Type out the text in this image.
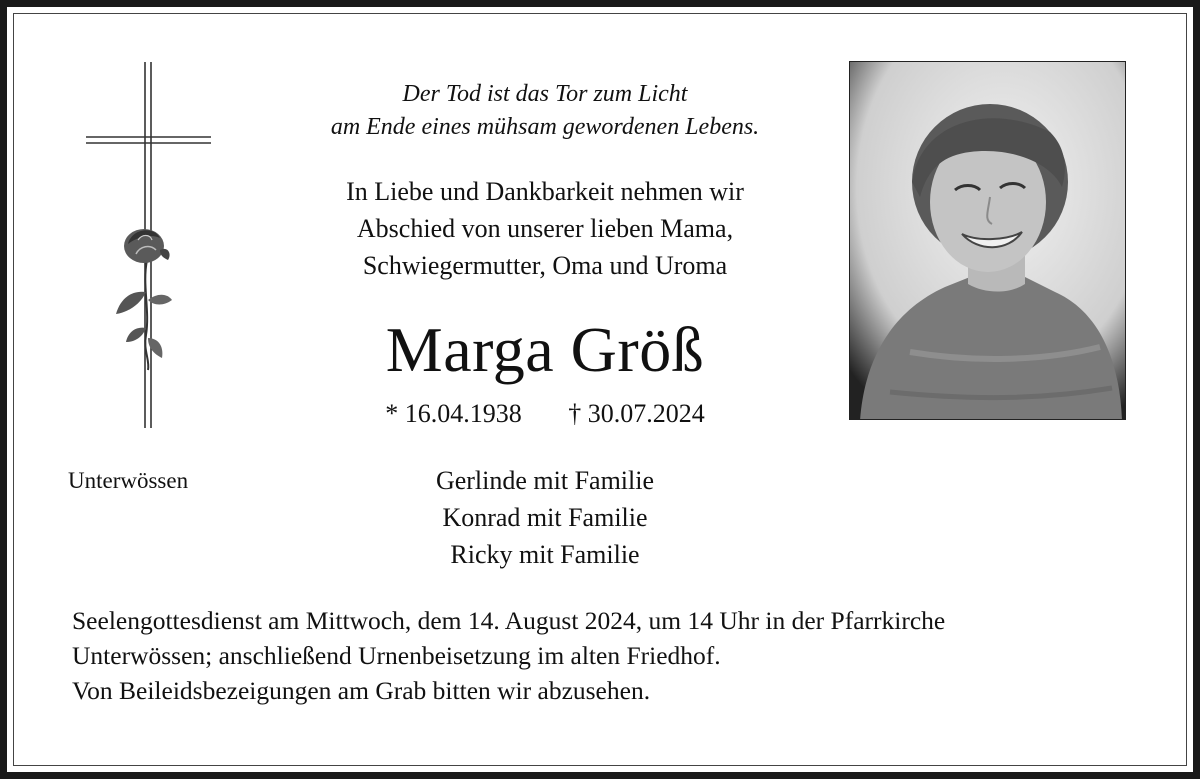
Der Tod ist das Tor zum Licht
am Ende eines mühsam gewordenen Lebens.
In Liebe und Dankbarkeit nehmen wir
Abschied von unserer lieben Mama,
Schwiegermutter, Oma und Uroma
Marga Größ
* 16.04.1938 † 30.07.2024
Unterwössen	Gerlinde mit Familie
Konrad mit Familie
Ricky mit Familie
Seelengottesdienst am Mittwoch, dem 14. August 2024, um 14 Uhr in der Pfarrkirche
Unterwössen; anschließend Urnenbeisetzung im alten Friedhof.
Von Beileidsbezeigungen am Grab bitten wir abzusehen.
